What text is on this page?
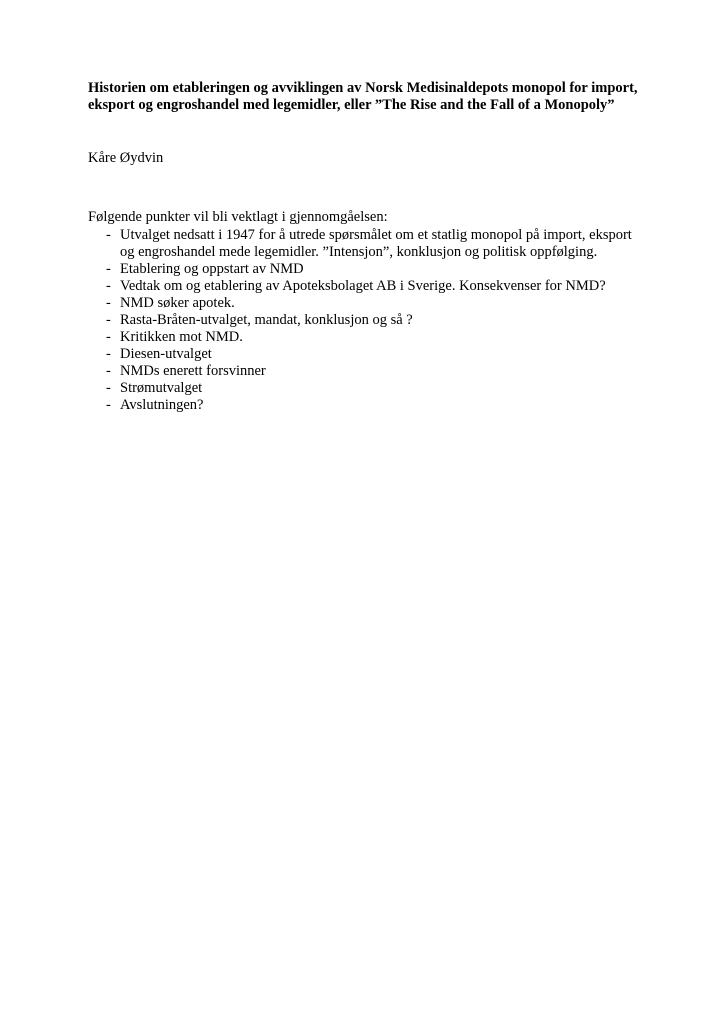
Historien om etableringen og avviklingen av Norsk Medisinaldepots monopol for import, eksport og engroshandel med legemidler, eller ”The Rise and the Fall of a Monopoly”

Kåre Øydvin

Følgende punkter vil bli vektlagt i gjennomgåelsen:

- Utvalget nedsatt i 1947 for å utrede spørsmålet om et statlig monopol på import, eksport og engroshandel mede legemidler. ”Intensjon”, konklusjon og politisk oppfølging.
- Etablering og oppstart av NMD
- Vedtak om og etablering av Apoteksbolaget AB i Sverige. Konsekvenser for NMD?
- NMD søker apotek.
- Rasta-Bråten-utvalget, mandat, konklusjon og så ?
- Kritikken mot NMD.
- Diesen-utvalget
- NMDs enerett forsvinner
- Strømutvalget
- Avslutningen?
